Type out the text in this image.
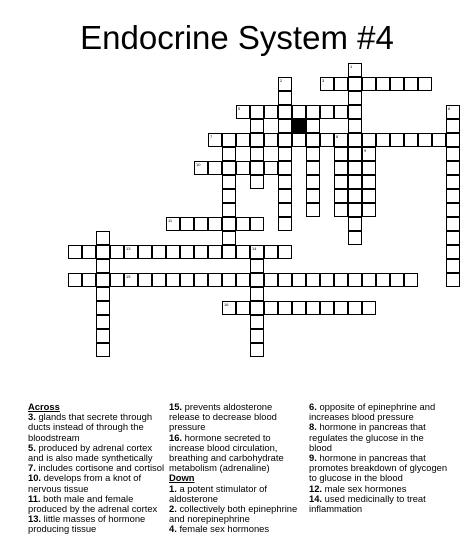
Endocrine System #4
3
5
7	8
10
11
13	14
15
16
1
2
9
6
Across
3. glands that secrete through ducts instead of through the bloodstream
5. produced by adrenal cortex and is also made synthetically
7. includes cortisone and cortisol
10. develops from a knot of nervous tissue
11. both male and female produced by the adrenal cortex
13. little masses of hormone producing tissue
15. prevents aldosterone release to decrease blood pressure
16. hormone secreted to increase blood circulation, breathing and carbohydrate metabolism (adrenaline)
Down
1. a potent stimulator of aldosterone
2. collectively both epinephrine and norepinephrine
4. female sex hormones
6. opposite of epinephrine and increases blood pressure
8. hormone in pancreas that regulates the glucose in the blood
9. hormone in pancreas that promotes breakdown of glycogen to glucose in the blood
12. male sex hormones
14. used medicinally to treat inflammation
